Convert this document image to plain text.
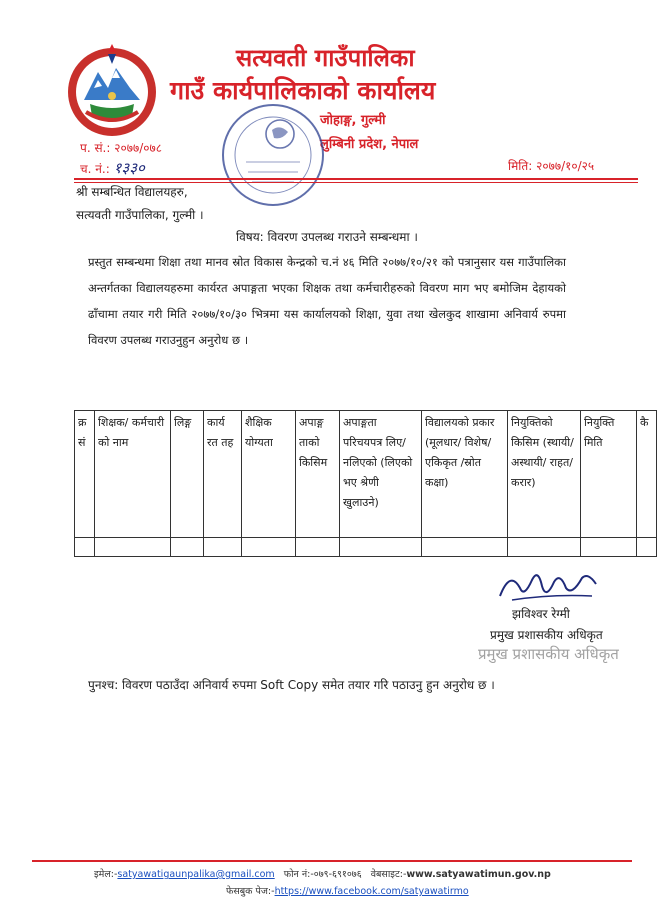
सत्यवती गाउँपालिका
गाउँ कार्यपालिकाको कार्यालय
जोहाङ्ग, गुल्मी
लुम्बिनी प्रदेश, नेपाल
प. सं.: २०७७/०७८
च. नं.: १३३०	मिति: २०७७/१०/२५
श्री सम्बन्धित विद्यालयहरु,
सत्यवती गाउँपालिका, गुल्मी ।
विषय: विवरण उपलब्ध गराउने सम्बन्धमा ।
प्रस्तुत सम्बन्धमा शिक्षा तथा मानव स्रोत विकास केन्द्रको च.नं ४६ मिति २०७७/१०/२१ को पत्रानुसार यस गाउँपालिका अन्तर्गतका विद्यालयहरुमा कार्यरत अपाङ्गता भएका शिक्षक तथा कर्मचारीहरुको विवरण माग भए बमोजिम देहायको ढाँचामा तयार गरी मिति २०७७/१०/३० भित्रमा यस कार्यालयको शिक्षा, युवा तथा खेलकुद शाखामा अनिवार्य रुपमा विवरण उपलब्ध गराउनुहुन अनुरोध छ ।
क्र सं	शिक्षक/ कर्मचारी को नाम	लिङ्ग	कार्य रत तह	शैक्षिक योग्यता	अपाङ्ग ताको किसिम	अपाङ्गता परिचयपत्र लिए/नलिएको (लिएको भए श्रेणी खुलाउने)	विद्यालयको प्रकार (मूलधार/ विशेष/एकिकृत /स्रोत कक्षा)	नियुक्तिको किसिम (स्थायी/ अस्थायी/ राहत/करार)	नियुक्ति मिति	कै

झविश्वर रेग्मी
प्रमुख प्रशासकीय अधिकृत
प्रमुख प्रशासकीय अधिकृत
पुनश्च: विवरण पठाउँदा अनिवार्य रुपमा Soft Copy समेत तयार गरि पठाउनु हुन अनुरोध छ ।
इमेल:-satyawatigaunpalika@gmail.com फोन नं:-०७९-६९१०७६ वेबसाइट:-www.satyawatimun.gov.np
फेसबुक पेज:-https://www.facebook.com/satyawatirmo
